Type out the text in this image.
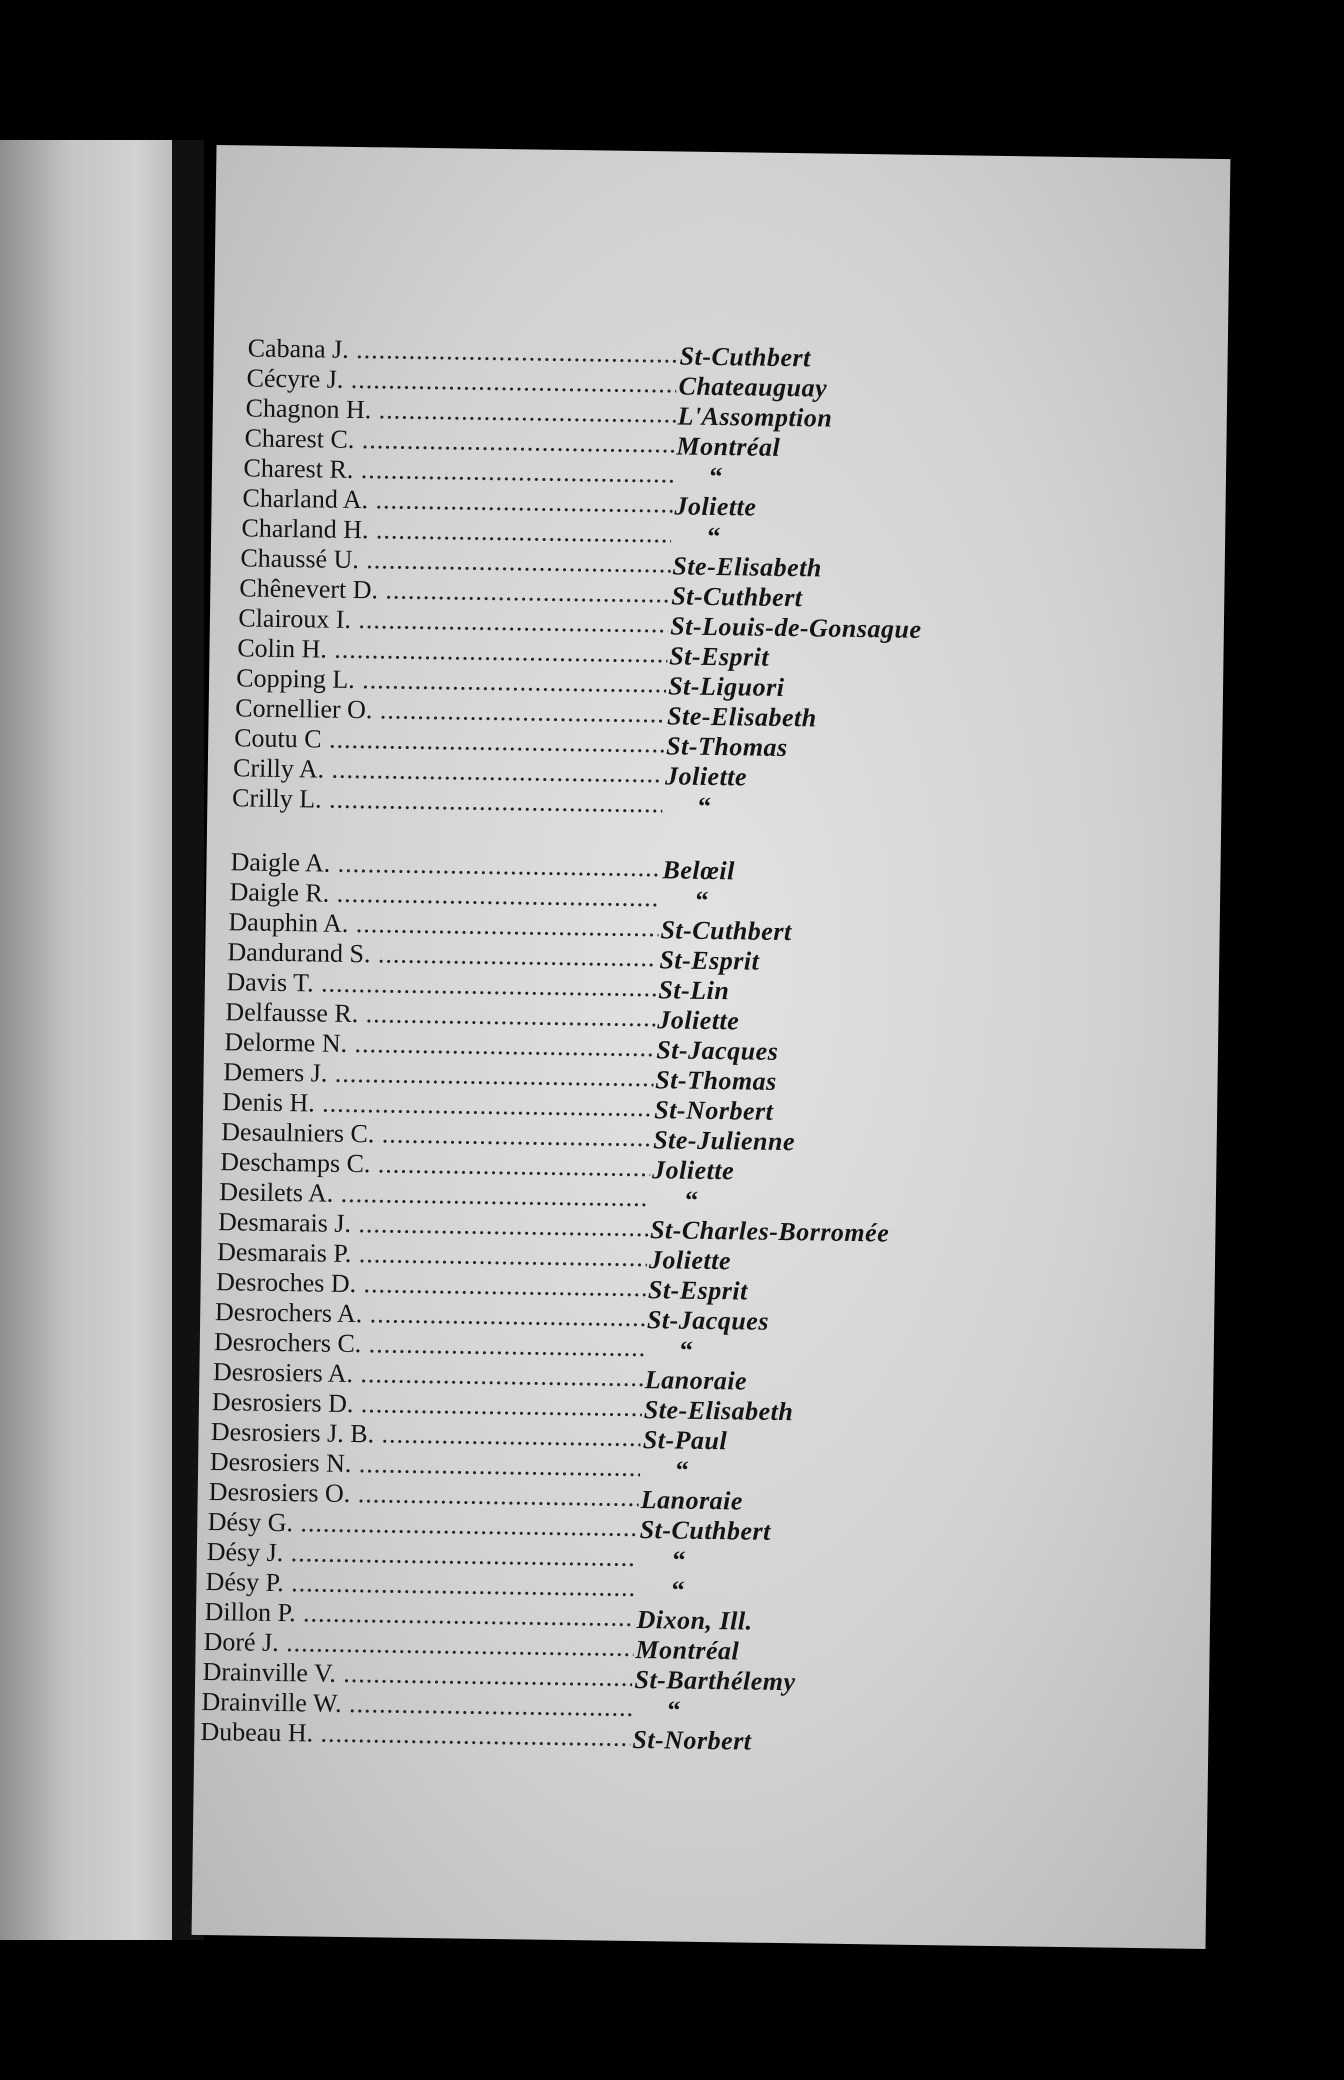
Cabana J. .....	St-Cuthbert
Cécyre J. .....	Chateauguay
Chagnon H. .....	L'Assomption
Charest C. .....	Montréal
Charest R. .....	“
Charland A. .....	Joliette
Charland H. .....	“
Chaussé U. .....	Ste-Elisabeth
Chênevert D. .....	St-Cuthbert
Clairoux I. .....	St-Louis-de-Gonsague
Colin H. .....	St-Esprit
Copping L. .....	St-Liguori
Cornellier O. .....	Ste-Elisabeth
Coutu C .....	St-Thomas
Crilly A. .....	Joliette
Crilly L. .....	“
Daigle A. .....	Belœil
Daigle R. .....	“
Dauphin A. .....	St-Cuthbert
Dandurand S. .....	St-Esprit
Davis T. .....	St-Lin
Delfausse R. .....	Joliette
Delorme N. .....	St-Jacques
Demers J. .....	St-Thomas
Denis H. .....	St-Norbert
Desaulniers C. .....	Ste-Julienne
Deschamps C. .....	Joliette
Desilets A. .....	“
Desmarais J. .....	St-Charles-Borromée
Desmarais P. .....	Joliette
Desroches D. .....	St-Esprit
Desrochers A. .....	St-Jacques
Desrochers C. .....	“
Desrosiers A. .....	Lanoraie
Desrosiers D. .....	Ste-Elisabeth
Desrosiers J. B. .....	St-Paul
Desrosiers N. .....	“
Desrosiers O. .....	Lanoraie
Désy G. .....	St-Cuthbert
Désy J. .....	“
Désy P. .....	“
Dillon P. .....	Dixon, Ill.
Doré J. .....	Montréal
Drainville V. .....	St-Barthélemy
Drainville W. .....	“
Dubeau H. .....	St-Norbert
